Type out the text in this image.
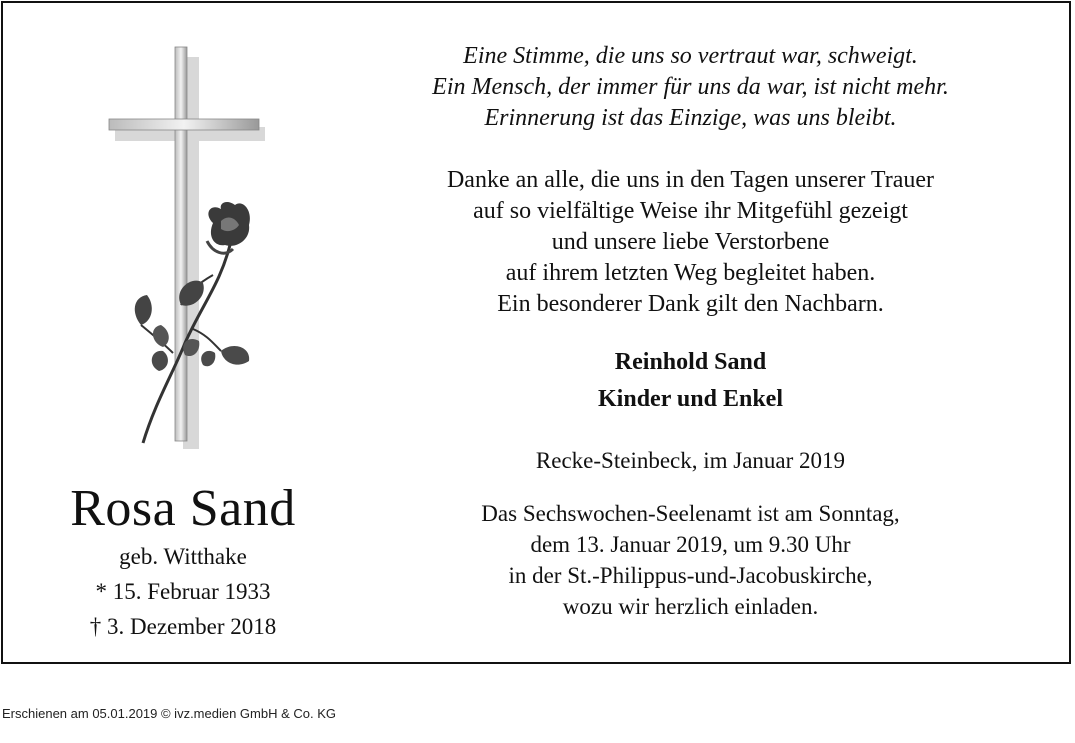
Rosa Sand
geb. Witthake
* 15. Februar 1933
† 3. Dezember 2018
Eine Stimme, die uns so vertraut war, schweigt.
Ein Mensch, der immer für uns da war, ist nicht mehr.
Erinnerung ist das Einzige, was uns bleibt.
Danke an alle, die uns in den Tagen unserer Trauer
auf so vielfältige Weise ihr Mitgefühl gezeigt
und unsere liebe Verstorbene
auf ihrem letzten Weg begleitet haben.
Ein besonderer Dank gilt den Nachbarn.
Reinhold Sand
Kinder und Enkel
Recke-Steinbeck, im Januar 2019
Das Sechswochen-Seelenamt ist am Sonntag,
dem 13. Januar 2019, um 9.30 Uhr
in der St.-Philippus-und-Jacobuskirche,
wozu wir herzlich einladen.
Erschienen am 05.01.2019 © ivz.medien GmbH & Co. KG
